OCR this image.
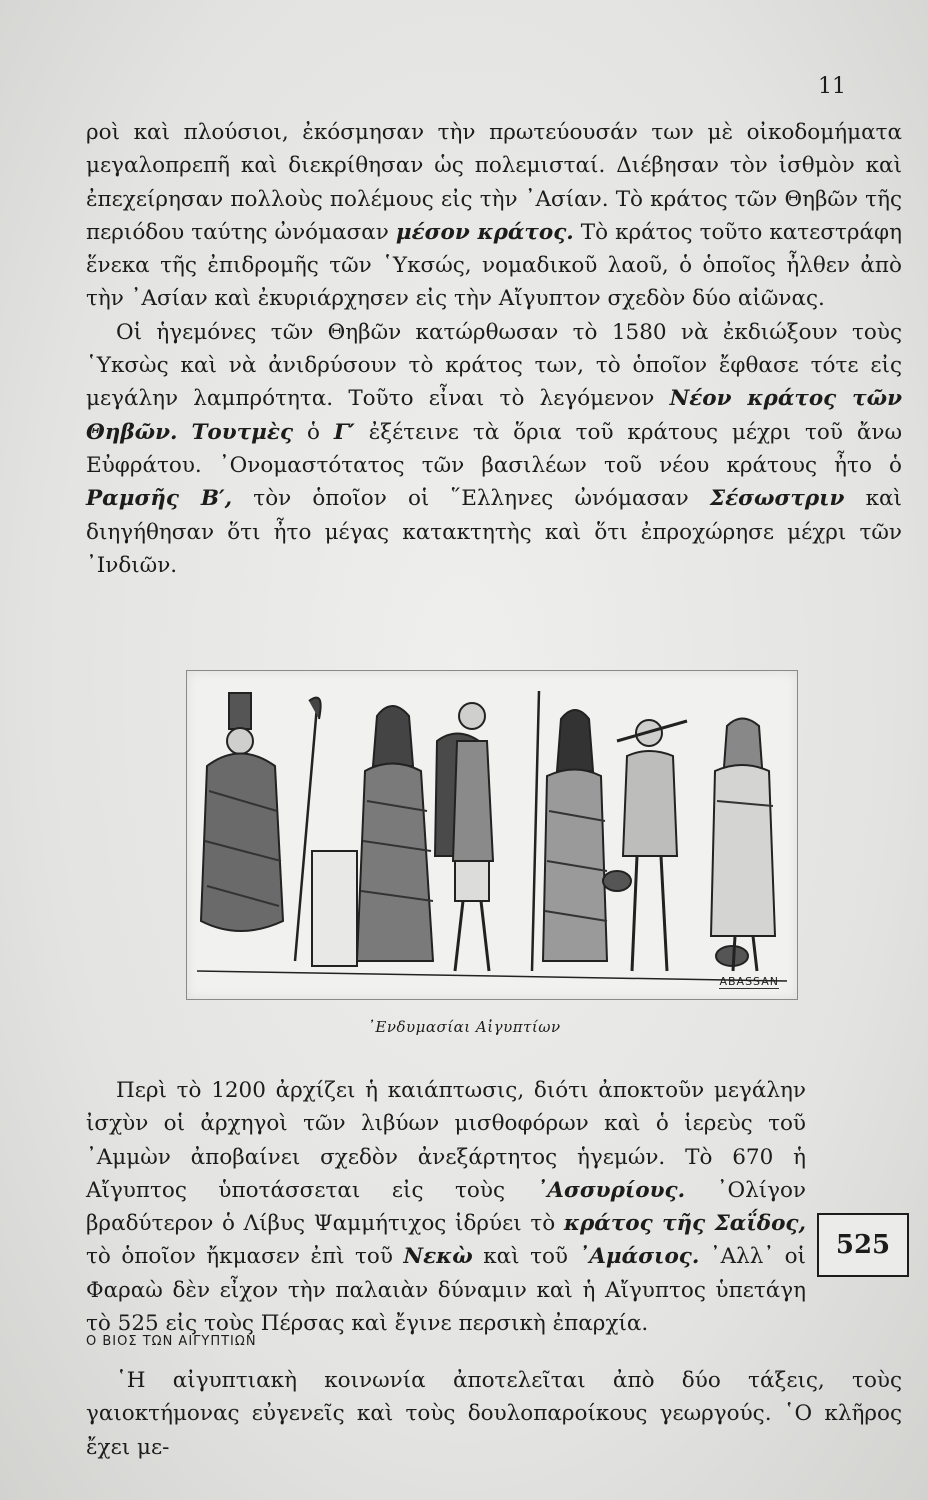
11

ροὶ καὶ πλούσιοι, ἐκόσμησαν τὴν πρωτεύουσάν των μὲ οἰκοδομήματα μεγαλοπρεπῆ καὶ διεκρίθησαν ὡς πολεμισταί. Διέβησαν τὸν ἰσθμὸν καὶ ἐπεχείρησαν πολλοὺς πολέμους εἰς τὴν ᾿Ασίαν. Τὸ κράτος τῶν Θηβῶν τῆς περιόδου ταύτης ὠνόμασαν μέσον κράτος. Τὸ κράτος τοῦτο κατεστράφη ἕνεκα τῆς ἐπιδρομῆς τῶν ῾Υκσώς, νομαδικοῦ λαοῦ, ὁ ὁποῖος ἦλθεν ἀπὸ τὴν ᾿Ασίαν καὶ ἐκυριάρχησεν εἰς τὴν Αἴγυπτον σχεδὸν δύο αἰῶνας.

Οἱ ἡγεμόνες τῶν Θηβῶν κατώρθωσαν τὸ 1580 νὰ ἐκδιώξουν τοὺς ῾Υκσὼς καὶ νὰ ἀνιδρύσουν τὸ κράτος των, τὸ ὁποῖον ἔφθασε τότε εἰς μεγάλην λαμπρότητα. Τοῦτο εἶναι τὸ λεγόμενον Νέον κράτος τῶν Θηβῶν. Τουτμὲς ὁ Γ′ ἐξέτεινε τὰ ὅρια τοῦ κράτους μέχρι τοῦ ἄνω Εὐφράτου. ᾿Ονομαστότατος τῶν βασιλέων τοῦ νέου κράτους ἦτο ὁ Ραμσῆς Β′, τὸν ὁποῖον οἱ ῞Ελληνες ὠνόμασαν Σέσωστριν καὶ διηγήθησαν ὅτι ἦτο μέγας κατακτητὴς καὶ ὅτι ἐπροχώρησε μέχρι τῶν ᾿Ινδιῶν.

ABASSAN
᾿Ενδυμασίαι Αἰγυπτίων

Περὶ τὸ 1200 ἀρχίζει ἡ καιάπτωσις, διότι ἀποκτοῦν μεγάλην ἰσχὺν οἱ ἀρχηγοὶ τῶν λιβύων μισθοφόρων καὶ ὁ ἱερεὺς τοῦ ᾿Αμμὼν ἀποβαίνει σχεδὸν ἀνεξάρτητος ἡγεμών. Τὸ 670 ἡ Αἴγυπτος ὑποτάσσεται εἰς τοὺς ᾿Ασσυρίους. ᾿Ολίγον βραδύτερον ὁ Λίβυς Ψαμμήτιχος ἱδρύει τὸ κράτος τῆς Σαΐδος, τὸ ὁποῖον ἤκμασεν ἐπὶ τοῦ Νεκὼ καὶ τοῦ ᾿Αμάσιος. ᾿Αλλ᾿ οἱ Φαραὼ δὲν εἶχον τὴν παλαιὰν δύναμιν καὶ ἡ Αἴγυπτος ὑπετάγη τὸ 525 εἰς τοὺς Πέρσας καὶ ἔγινε περσικὴ ἐπαρχία.

525
Ο ΒΙΟΣ ΤΩΝ ΑΙΓΥΠΤΙΩΝ

῾Η αἰγυπτιακὴ κοινωνία ἀποτελεῖται ἀπὸ δύο τάξεις, τοὺς γαιοκτήμονας εὐγενεῖς καὶ τοὺς δουλοπαροίκους γεωργούς. ῾Ο κλῆρος ἔχει με-
